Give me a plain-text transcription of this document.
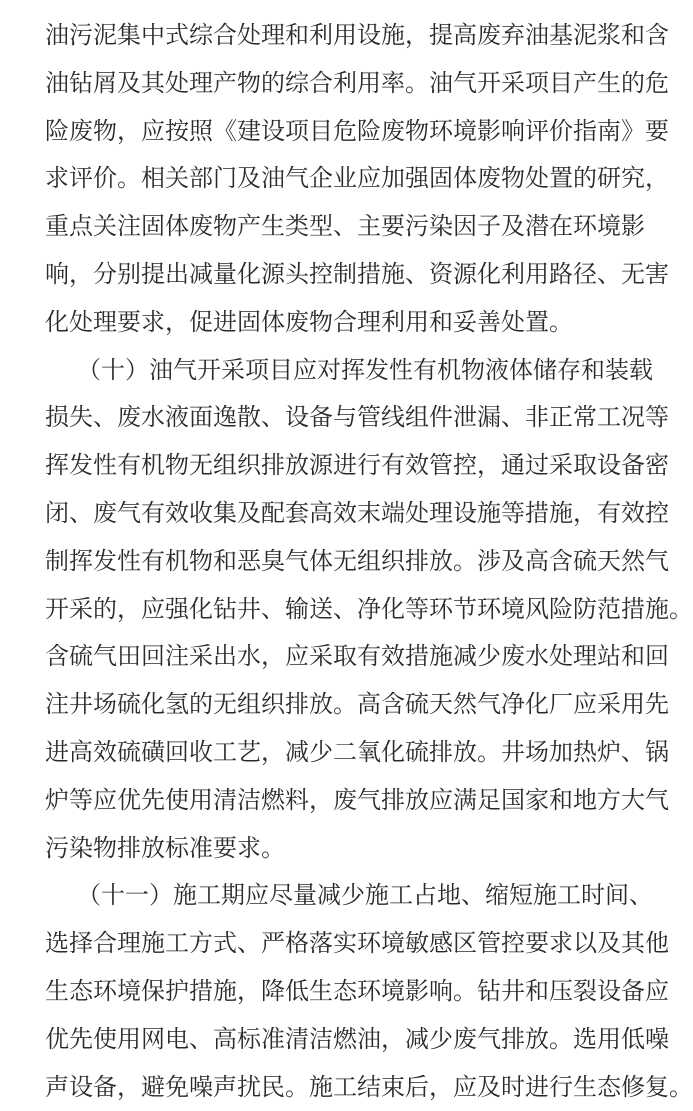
油污泥集中式综合处理和利用设施，提高废弃油基泥浆和含
油钻屑及其处理产物的综合利用率。油气开采项目产生的危
险废物，应按照《建设项目危险废物环境影响评价指南》要
求评价。相关部门及油气企业应加强固体废物处置的研究，
重点关注固体废物产生类型、主要污染因子及潜在环境影
响，分别提出减量化源头控制措施、资源化利用路径、无害
化处理要求，促进固体废物合理利用和妥善处置。
（十）油气开采项目应对挥发性有机物液体储存和装载
损失、废水液面逸散、设备与管线组件泄漏、非正常工况等
挥发性有机物无组织排放源进行有效管控，通过采取设备密
闭、废气有效收集及配套高效末端处理设施等措施，有效控
制挥发性有机物和恶臭气体无组织排放。涉及高含硫天然气
开采的，应强化钻井、输送、净化等环节环境风险防范措施。
含硫气田回注采出水，应采取有效措施减少废水处理站和回
注井场硫化氢的无组织排放。高含硫天然气净化厂应采用先
进高效硫磺回收工艺，减少二氧化硫排放。井场加热炉、锅
炉等应优先使用清洁燃料，废气排放应满足国家和地方大气
污染物排放标准要求。
（十一）施工期应尽量减少施工占地、缩短施工时间、
选择合理施工方式、严格落实环境敏感区管控要求以及其他
生态环境保护措施，降低生态环境影响。钻井和压裂设备应
优先使用网电、高标准清洁燃油，减少废气排放。选用低噪
声设备，避免噪声扰民。施工结束后，应及时进行生态修复。
